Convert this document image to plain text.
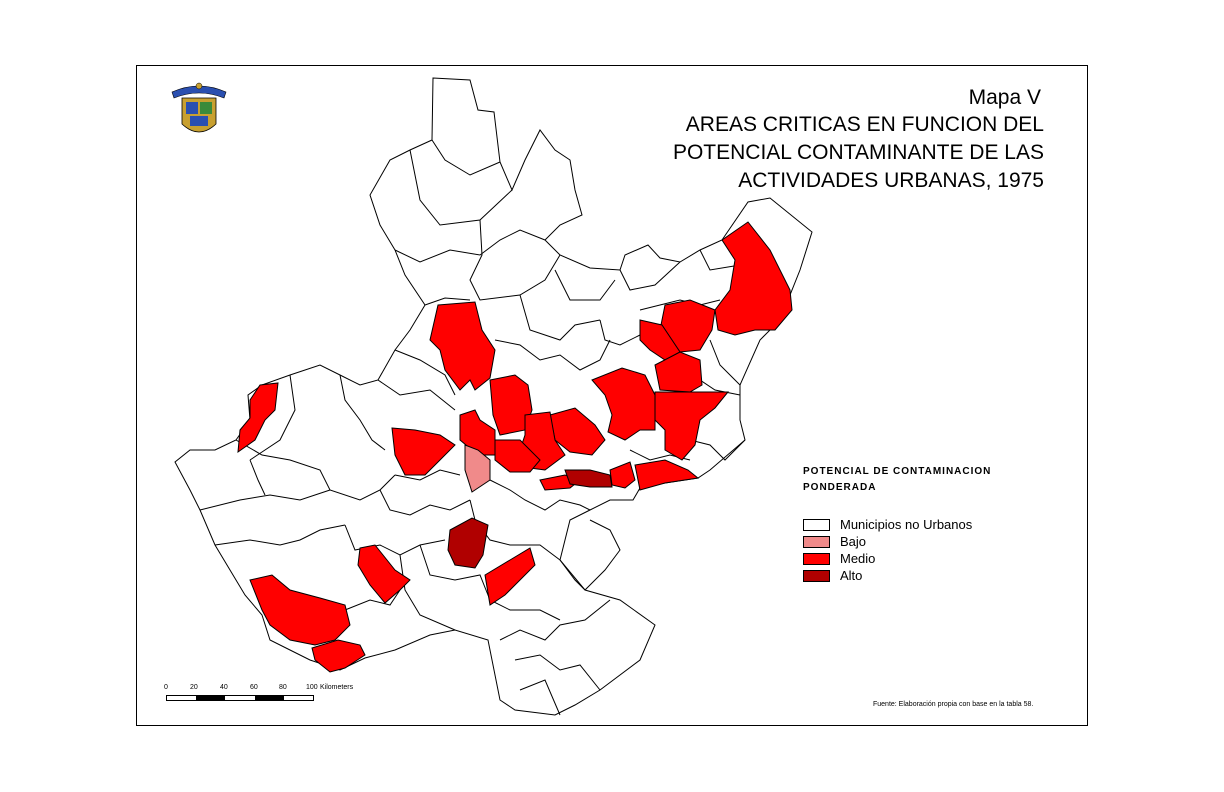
Mapa V
AREAS CRITICAS EN FUNCION DEL
POTENCIAL CONTAMINANTE DE LAS
ACTIVIDADES URBANAS, 1975
POTENCIAL DE CONTAMINACION
PONDERADA
Municipios no Urbanos
Bajo
Medio
Alto
0	20	40	60	80	100 Kilometers
Fuente: Elaboración propia con base en la tabla 58.
